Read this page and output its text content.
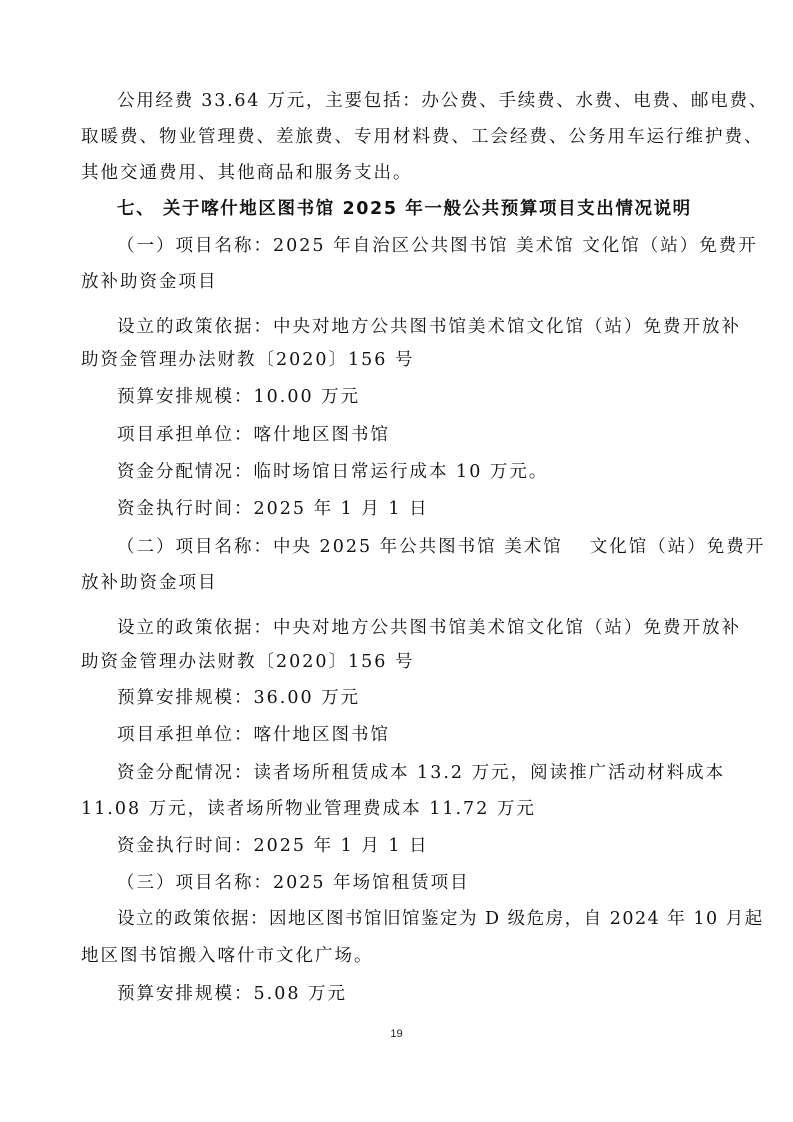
公用经费 33.64 万元，主要包括：办公费、手续费、水费、电费、邮电费、
取暖费、物业管理费、差旅费、专用材料费、工会经费、公务用车运行维护费、
其他交通费用、其他商品和服务支出。
七、 关于喀什地区图书馆 2025 年一般公共预算项目支出情况说明
（一）项目名称：2025 年自治区公共图书馆 美术馆 文化馆（站）免费开
放补助资金项目
设立的政策依据：中央对地方公共图书馆美术馆文化馆（站）免费开放补
助资金管理办法财教〔2020〕156 号
预算安排规模：10.00 万元
项目承担单位：喀什地区图书馆
资金分配情况：临时场馆日常运行成本 10 万元。
资金执行时间：2025 年 1 月 1 日
（二）项目名称：中央 2025 年公共图书馆 美术馆　 文化馆（站）免费开
放补助资金项目
设立的政策依据：中央对地方公共图书馆美术馆文化馆（站）免费开放补
助资金管理办法财教〔2020〕156 号
预算安排规模：36.00 万元
项目承担单位：喀什地区图书馆
资金分配情况：读者场所租赁成本 13.2 万元，阅读推广活动材料成本
11.08 万元，读者场所物业管理费成本 11.72 万元
资金执行时间：2025 年 1 月 1 日
（三）项目名称：2025 年场馆租赁项目
设立的政策依据：因地区图书馆旧馆鉴定为 D 级危房，自 2024 年 10 月起
地区图书馆搬入喀什市文化广场。
预算安排规模：5.08 万元
19
